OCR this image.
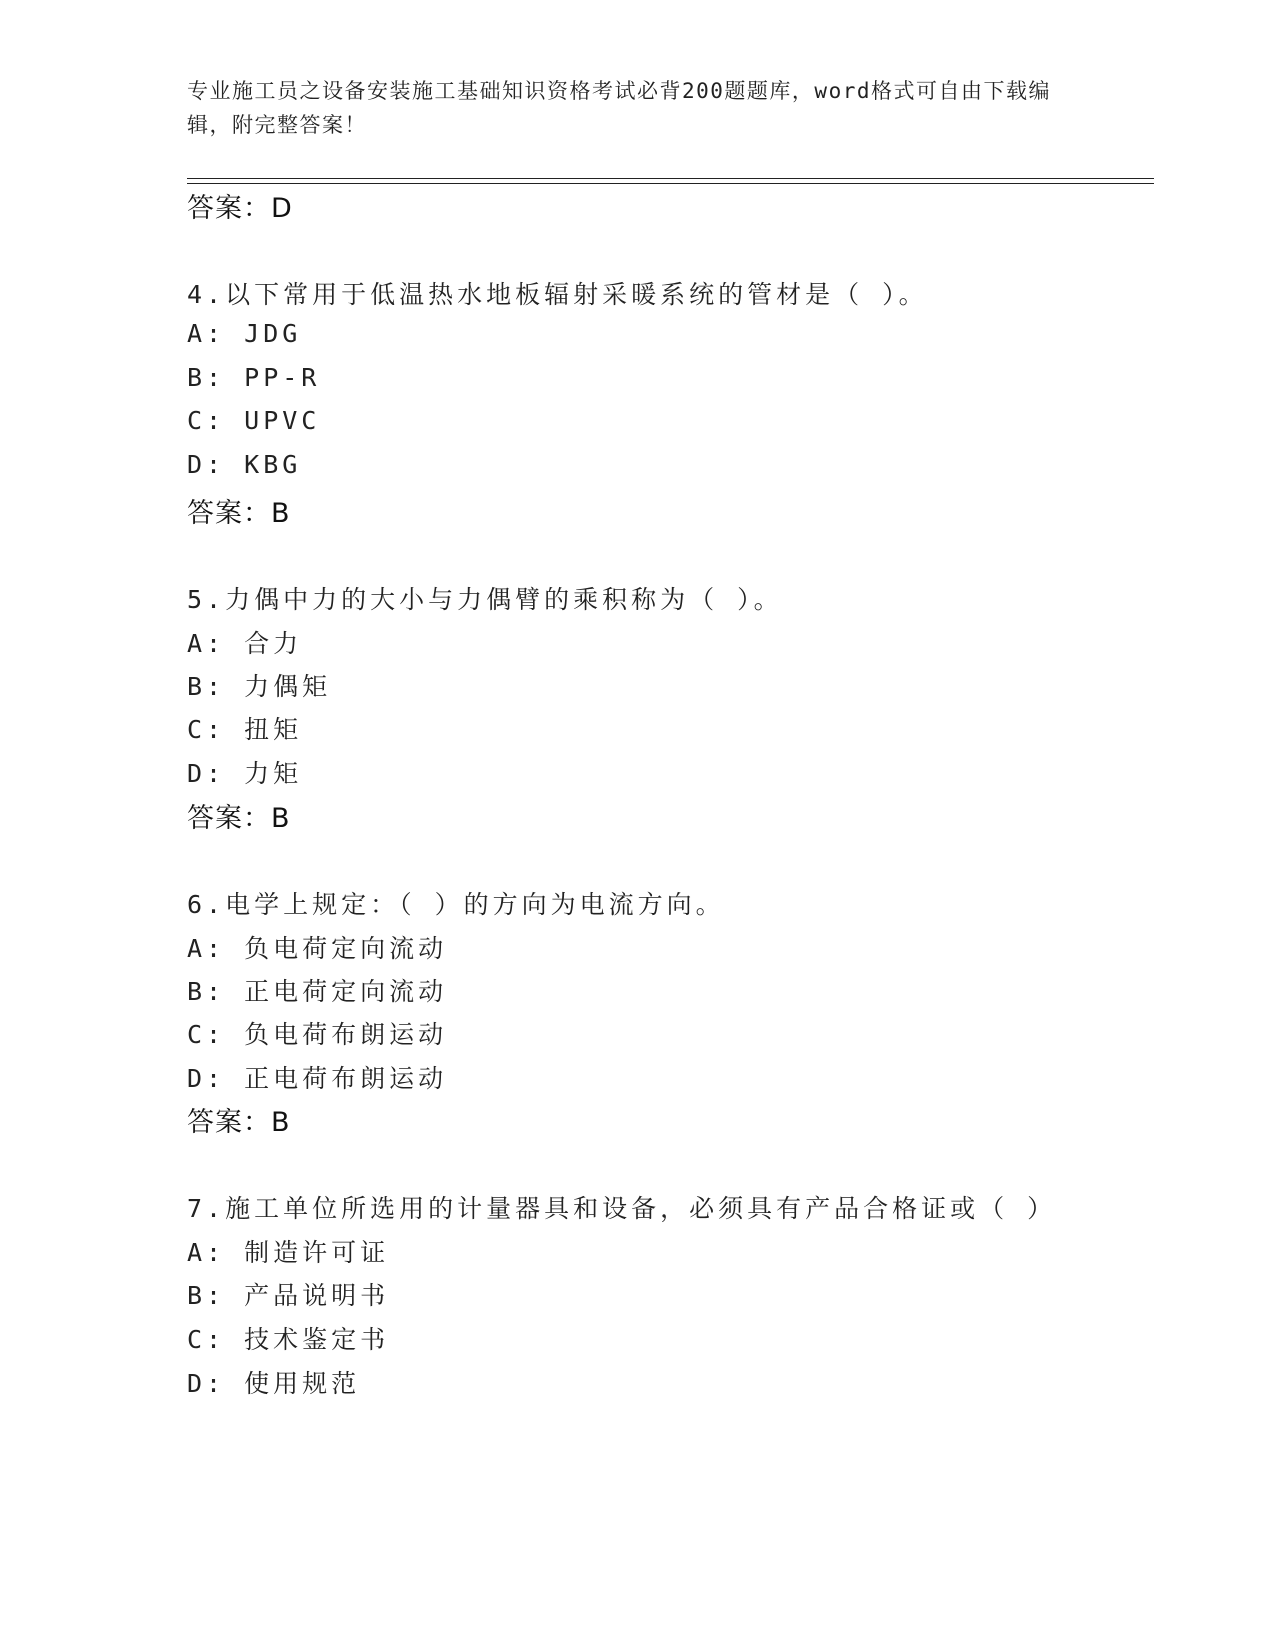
专业施工员之设备安装施工基础知识资格考试必背200题题库，word格式可自由下载编辑，附完整答案！
答案：D
4.以下常用于低温热水地板辐射采暖系统的管材是（ ）。
A: JDG
B: PP-R
C: UPVC
D: KBG
答案：B
5.力偶中力的大小与力偶臂的乘积称为（ ）。
A: 合力
B: 力偶矩
C: 扭矩
D: 力矩
答案：B
6.电学上规定：（ ）的方向为电流方向。
A: 负电荷定向流动
B: 正电荷定向流动
C: 负电荷布朗运动
D: 正电荷布朗运动
答案：B
7.施工单位所选用的计量器具和设备，必须具有产品合格证或（ ）
A: 制造许可证
B: 产品说明书
C: 技术鉴定书
D: 使用规范
